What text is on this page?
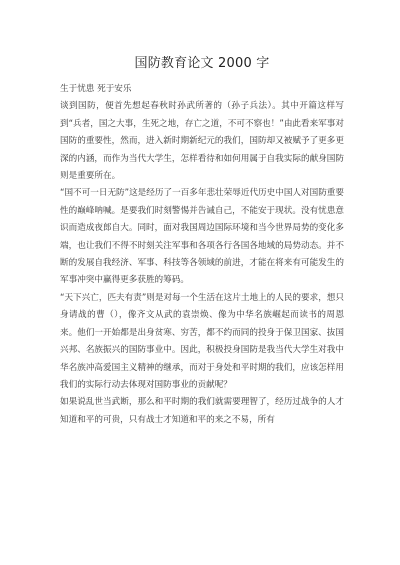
国防教育论文 2000 字

生于忧患 死于安乐

谈到国防，便首先想起春秋时孙武所著的（孙子兵法）。其中开篇这样写到“兵者，国之大事，生死之地，存亡之道，不可不察也！”由此看来军事对国防的重要性，然而，进入新时期新纪元的我们，国防却又被赋予了更多更深的内涵，而作为当代大学生，怎样看待和如何用属于自我实际的献身国防则是重要所在。

“国不可一日无防”这是经历了一百多年悲壮荣辱近代历史中国人对国防重要性的巅峰呐喊。是要我们时刻警惕并告诫自己，不能安于现状。没有忧患意识而造成夜郎自大。同时，面对我国周边国际环境和当今世界局势的变化多端，也让我们不得不时刻关注军事和各项各行各国各地域的局势动态。并不断的发展自我经济、军事、科技等各领域的前进，才能在将来有可能发生的军事冲突中赢得更多获胜的筹码。

“天下兴亡，匹夫有责”则是对每一个生活在这片土地上的人民的要求，想只身请战的曹（），像齐文从武的袁崇焕、像为中华名族崛起而读书的周恩来。他们一开始都是出身贫寒、穷苦，都不约而同的投身于保卫国家、抜国兴邦、名族振兴的国防事业中。因此，积极投身国防是我当代大学生对我中华名族冲高爱国主义精神的继承，而对于身处和平时期的我们，应该怎样用我们的实际行动去体现对国防事业的贡献呢？

如果说乱世当武断，那么和平时期的我们就需要理智了，经历过战争的人才知道和平的可贵，只有战士才知道和平的来之不易，所有
